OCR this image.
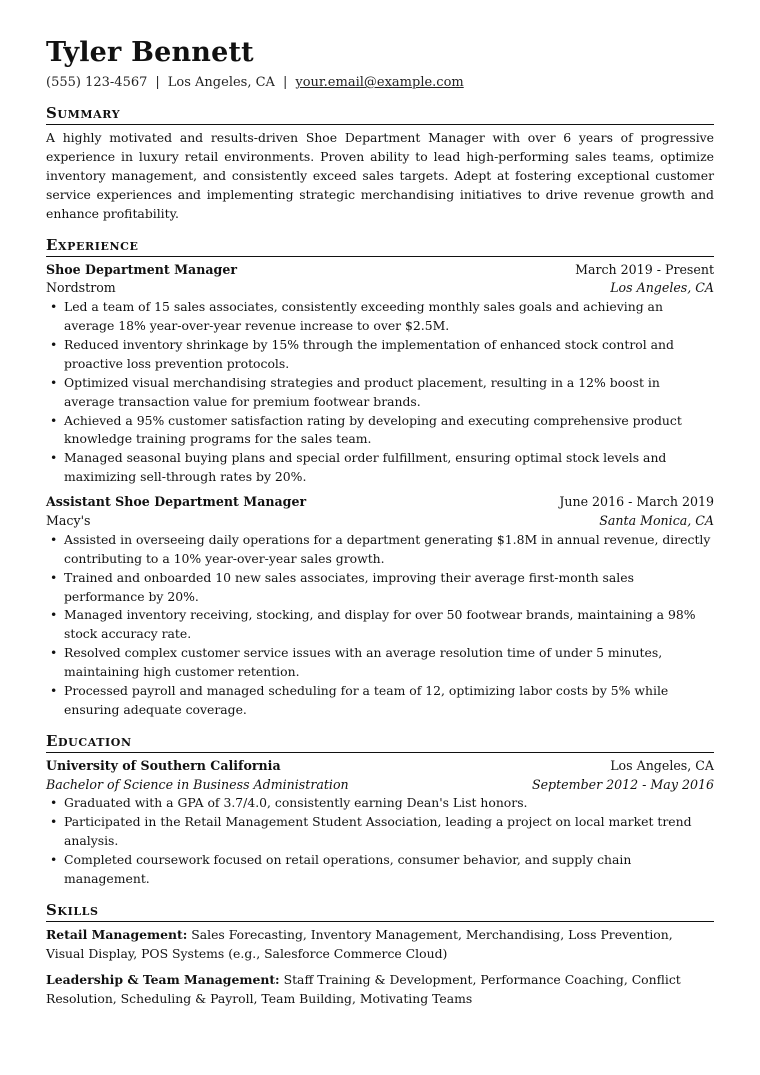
Tyler Bennett
(555) 123-4567 | Los Angeles, CA | your.email@example.com
Summary

A highly motivated and results-driven Shoe Department Manager with over 6 years of progressive experience in luxury retail environments. Proven ability to lead high-performing sales teams, optimize inventory management, and consistently exceed sales targets. Adept at fostering exceptional customer service experiences and implementing strategic merchandising initiatives to drive revenue growth and enhance profitability.

Experience
Shoe Department Manager	March 2019 - Present
Nordstrom	Los Angeles, CA
• Led a team of 15 sales associates, consistently exceeding monthly sales goals and achieving an average 18% year-over-year revenue increase to over $2.5M.
• Reduced inventory shrinkage by 15% through the implementation of enhanced stock control and proactive loss prevention protocols.
• Optimized visual merchandising strategies and product placement, resulting in a 12% boost in average transaction value for premium footwear brands.
• Achieved a 95% customer satisfaction rating by developing and executing comprehensive product knowledge training programs for the sales team.
• Managed seasonal buying plans and special order fulfillment, ensuring optimal stock levels and maximizing sell-through rates by 20%.
Assistant Shoe Department Manager	June 2016 - March 2019
Macy's	Santa Monica, CA
• Assisted in overseeing daily operations for a department generating $1.8M in annual revenue, directly contributing to a 10% year-over-year sales growth.
• Trained and onboarded 10 new sales associates, improving their average first-month sales performance by 20%.
• Managed inventory receiving, stocking, and display for over 50 footwear brands, maintaining a 98% stock accuracy rate.
• Resolved complex customer service issues with an average resolution time of under 5 minutes, maintaining high customer retention.
• Processed payroll and managed scheduling for a team of 12, optimizing labor costs by 5% while ensuring adequate coverage.
Education
University of Southern California	Los Angeles, CA
Bachelor of Science in Business Administration	September 2012 - May 2016
• Graduated with a GPA of 3.7/4.0, consistently earning Dean's List honors.
• Participated in the Retail Management Student Association, leading a project on local market trend analysis.
• Completed coursework focused on retail operations, consumer behavior, and supply chain management.
Skills
Retail Management: Sales Forecasting, Inventory Management, Merchandising, Loss Prevention, Visual Display, POS Systems (e.g., Salesforce Commerce Cloud)
Leadership & Team Management: Staff Training & Development, Performance Coaching, Conflict Resolution, Scheduling & Payroll, Team Building, Motivating Teams
